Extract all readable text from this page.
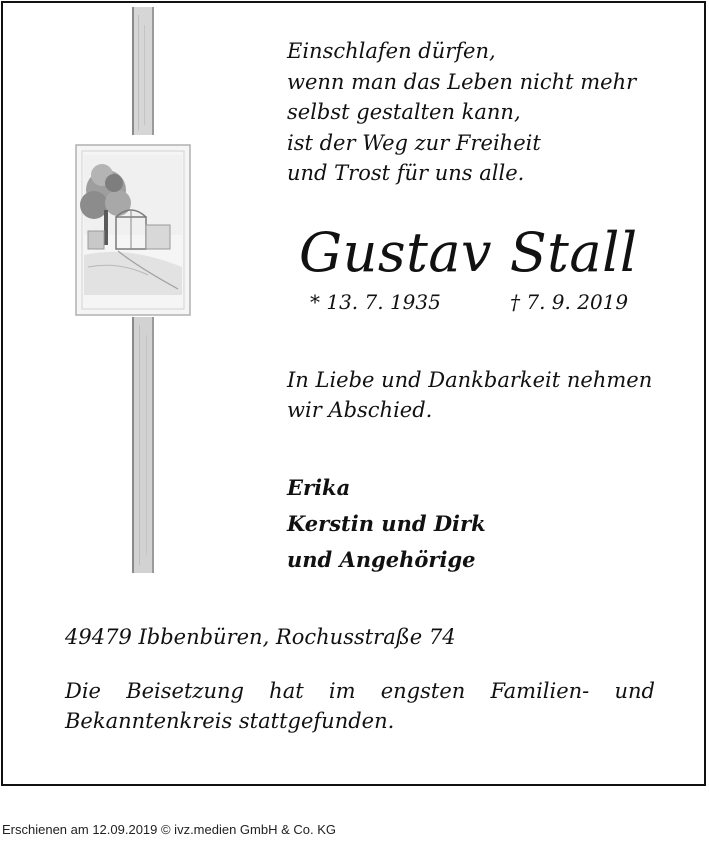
Einschlafen dürfen,
wenn man das Leben nicht mehr
selbst gestalten kann,
ist der Weg zur Freiheit
und Trost für uns alle.
Gustav Stall
* 13. 7. 1935	† 7. 9. 2019
In Liebe und Dankbarkeit nehmen
wir Abschied.
Erika
Kerstin und Dirk
und Angehörige
49479 Ibbenbüren, Rochusstraße 74
Die Beisetzung hat im engsten Familien- und
Bekanntenkreis stattgefunden.
Erschienen am 12.09.2019 © ivz.medien GmbH & Co. KG
